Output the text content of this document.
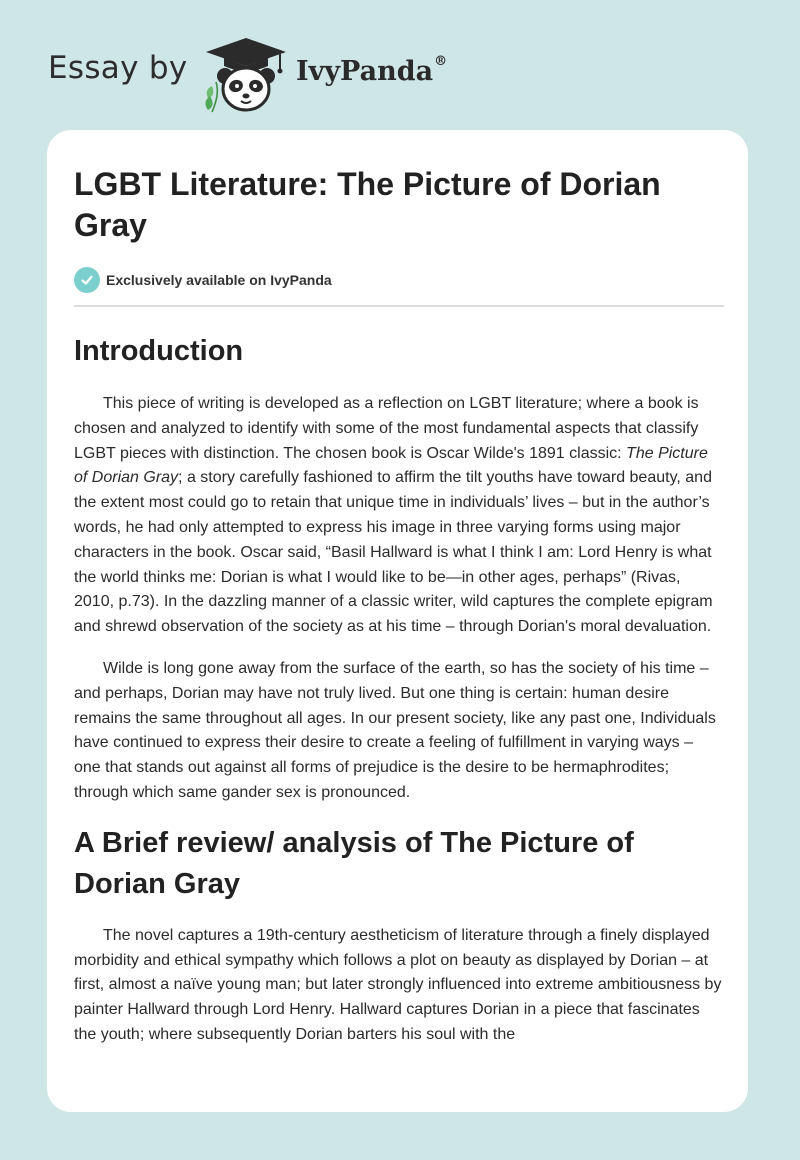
Essay by	IvyPanda®
LGBT Literature: The Picture of Dorian Gray
Exclusively available on IvyPanda
Introduction

This piece of writing is developed as a reflection on LGBT literature; where a book is chosen and analyzed to identify with some of the most fundamental aspects that classify LGBT pieces with distinction. The chosen book is Oscar Wilde's 1891 classic: The Picture of Dorian Gray; a story carefully fashioned to affirm the tilt youths have toward beauty, and the extent most could go to retain that unique time in individuals’ lives – but in the author’s words, he had only attempted to express his image in three varying forms using major characters in the book. Oscar said, “Basil Hallward is what I think I am: Lord Henry is what the world thinks me: Dorian is what I would like to be—in other ages, perhaps” (Rivas, 2010, p.73). In the dazzling manner of a classic writer, wild captures the complete epigram and shrewd observation of the society as at his time – through Dorian's moral devaluation.

Wilde is long gone away from the surface of the earth, so has the society of his time – and perhaps, Dorian may have not truly lived. But one thing is certain: human desire remains the same throughout all ages. In our present society, like any past one, Individuals have continued to express their desire to create a feeling of fulfillment in varying ways – one that stands out against all forms of prejudice is the desire to be hermaphrodites; through which same gander sex is pronounced.

A Brief review/ analysis of The Picture of Dorian Gray

The novel captures a 19th-century aestheticism of literature through a finely displayed morbidity and ethical sympathy which follows a plot on beauty as displayed by Dorian – at first, almost a naïve young man; but later strongly influenced into extreme ambitiousness by painter Hallward through Lord Henry. Hallward captures Dorian in a piece that fascinates the youth; where subsequently Dorian barters his soul with the
